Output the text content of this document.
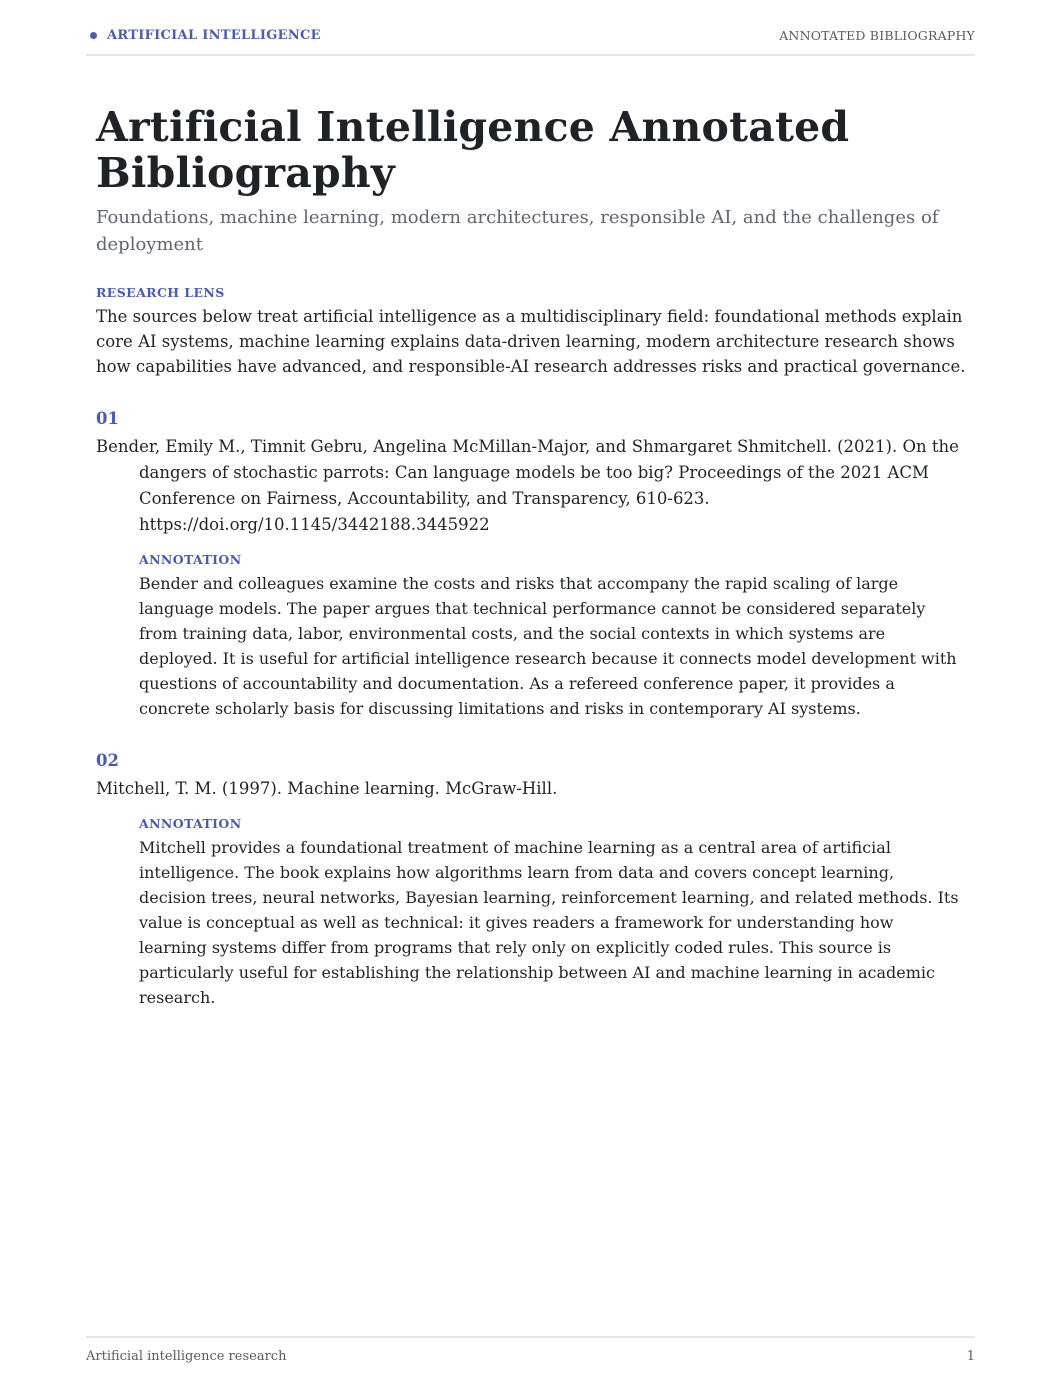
ARTIFICIAL INTELLIGENCE	ANNOTATED BIBLIOGRAPHY
Artificial Intelligence Annotated Bibliography
Foundations, machine learning, modern architectures, responsible AI, and the challenges of deployment
RESEARCH LENS
The sources below treat artificial intelligence as a multidisciplinary field: foundational methods explain core AI systems, machine learning explains data-driven learning, modern architecture research shows how capabilities have advanced, and responsible-AI research addresses risks and practical governance.
01
Bender, Emily M., Timnit Gebru, Angelina McMillan-Major, and Shmargaret Shmitchell. (2021). On the dangers of stochastic parrots: Can language models be too big? Proceedings of the 2021 ACM Conference on Fairness, Accountability, and Transparency, 610-623. https://doi.org/10.1145/3442188.3445922
ANNOTATION
Bender and colleagues examine the costs and risks that accompany the rapid scaling of large language models. The paper argues that technical performance cannot be considered separately from training data, labor, environmental costs, and the social contexts in which systems are deployed. It is useful for artificial intelligence research because it connects model development with questions of accountability and documentation. As a refereed conference paper, it provides a concrete scholarly basis for discussing limitations and risks in contemporary AI systems.
02
Mitchell, T. M. (1997). Machine learning. McGraw-Hill.
ANNOTATION
Mitchell provides a foundational treatment of machine learning as a central area of artificial intelligence. The book explains how algorithms learn from data and covers concept learning, decision trees, neural networks, Bayesian learning, reinforcement learning, and related methods. Its value is conceptual as well as technical: it gives readers a framework for understanding how learning systems differ from programs that rely only on explicitly coded rules. This source is particularly useful for establishing the relationship between AI and machine learning in academic research.
Artificial intelligence research	1
